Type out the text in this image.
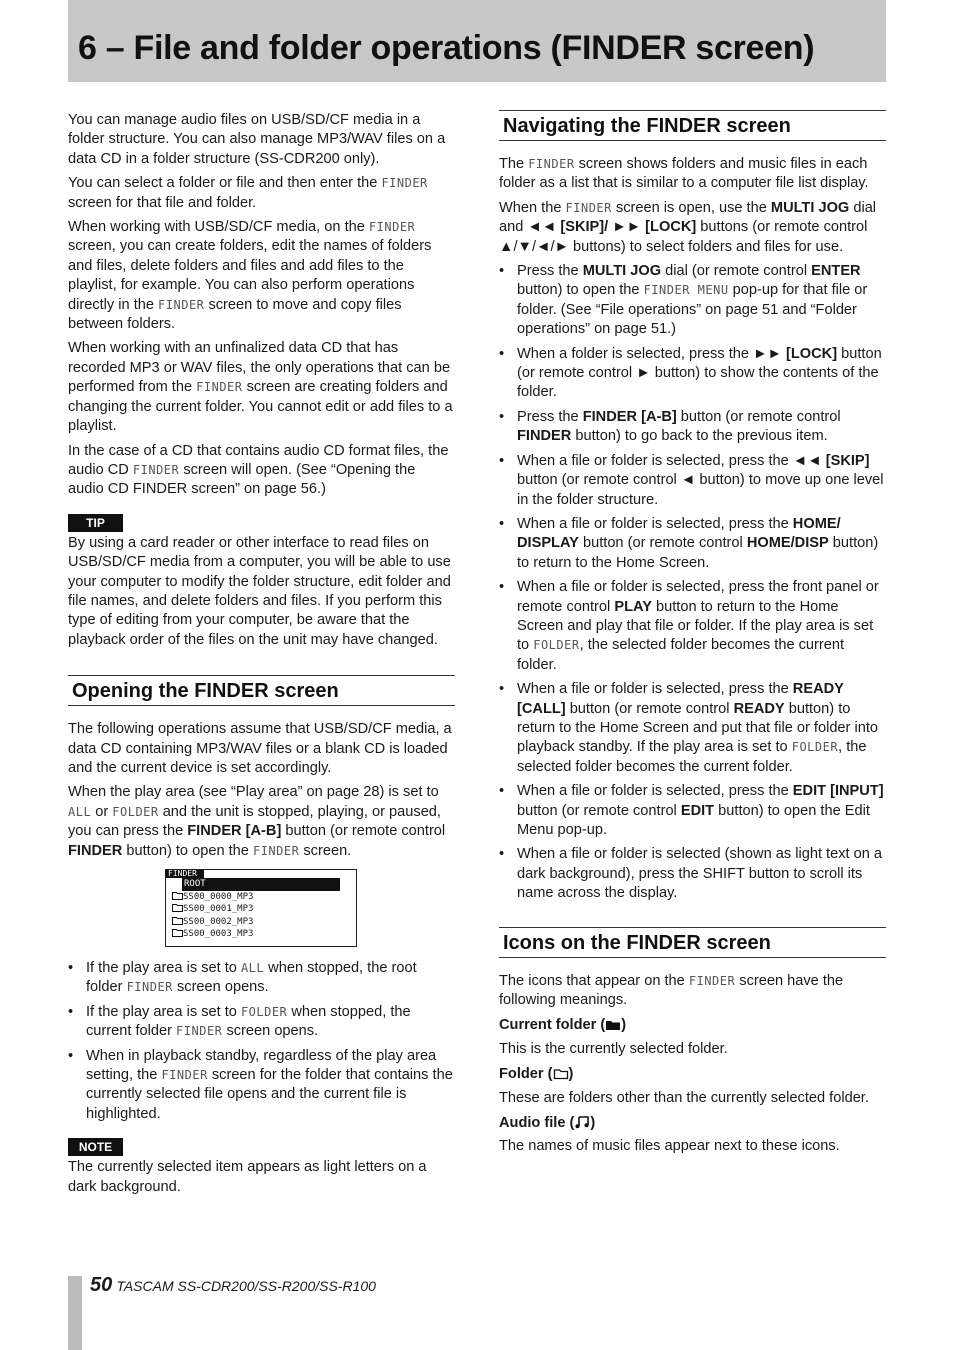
6 – File and folder operations (FINDER screen)

You can manage audio files on USB/SD/CF media in a folder structure. You can also manage MP3/WAV files on a data CD in a folder structure (SS-CDR200 only).

You can select a folder or file and then enter the FINDER screen for that file and folder.

When working with USB/SD/CF media, on the FINDER screen, you can create folders, edit the names of folders and files, delete folders and files and add files to the playlist, for example. You can also perform operations directly in the FINDER screen to move and copy files between folders.

When working with an unfinalized data CD that has recorded MP3 or WAV files, the only operations that can be performed from the FINDER screen are creating folders and changing the current folder. You cannot edit or add files to a playlist.

In the case of a CD that contains audio CD format files, the audio CD FINDER screen will open. (See “Opening the audio CD FINDER screen” on page 56.)

TIP

By using a card reader or other interface to read files on USB/SD/CF media from a computer, you will be able to use your computer to modify the folder structure, edit folder and file names, and delete folders and files. If you perform this type of editing from your computer, be aware that the playback order of the files on the unit may have changed.

Opening the FINDER screen

The following operations assume that USB/SD/CF media, a data CD containing MP3/WAV files or a blank CD is loaded and the current device is set accordingly.

When the play area (see “Play area” on page 28) is set to ALL or FOLDER and the unit is stopped, playing, or paused, you can press the FINDER [A-B] button (or remote control FINDER button) to open the FINDER screen.

FINDER
ROOT
SS00_0000_MP3
SS00_0001_MP3
SS00_0002_MP3
SS00_0003_MP3
• If the play area is set to ALL when stopped, the root folder FINDER screen opens.
• If the play area is set to FOLDER when stopped, the current folder FINDER screen opens.
• When in playback standby, regardless of the play area setting, the FINDER screen for the folder that contains the currently selected file opens and the current file is highlighted.
NOTE

The currently selected item appears as light letters on a dark background.

Navigating the FINDER screen

The FINDER screen shows folders and music files in each folder as a list that is similar to a computer file list display.

When the FINDER screen is open, use the MULTI JOG dial and ◄◄ [SKIP]/ ►► [LOCK] buttons (or remote control ▲/▼/◄/► buttons) to select folders and files for use.

• Press the MULTI JOG dial (or remote control ENTER button) to open the FINDER MENU pop-up for that file or folder. (See “File operations” on page 51 and “Folder operations” on page 51.)
• When a folder is selected, press the ►► [LOCK] button (or remote control ► button) to show the contents of the folder.
• Press the FINDER [A-B] button (or remote control FINDER button) to go back to the previous item.
• When a file or folder is selected, press the ◄◄ [SKIP] button (or remote control ◄ button) to move up one level in the folder structure.
• When a file or folder is selected, press the HOME/ DISPLAY button (or remote control HOME/DISP button) to return to the Home Screen.
• When a file or folder is selected, press the front panel or remote control PLAY button to return to the Home Screen and play that file or folder. If the play area is set to FOLDER, the selected folder becomes the current folder.
• When a file or folder is selected, press the READY [CALL] button (or remote control READY button) to return to the Home Screen and put that file or folder into playback standby. If the play area is set to FOLDER, the selected folder becomes the current folder.
• When a file or folder is selected, press the EDIT [INPUT] button (or remote control EDIT button) to open the Edit Menu pop-up.
• When a file or folder is selected (shown as light text on a dark background), press the SHIFT button to scroll its name across the display.
Icons on the FINDER screen

The icons that appear on the FINDER screen have the following meanings.

Current folder ( )

This is the currently selected folder.

Folder ( )

These are folders other than the currently selected folder.

Audio file ( )

The names of music files appear next to these icons.

50 TASCAM SS-CDR200/SS-R200/SS-R100
